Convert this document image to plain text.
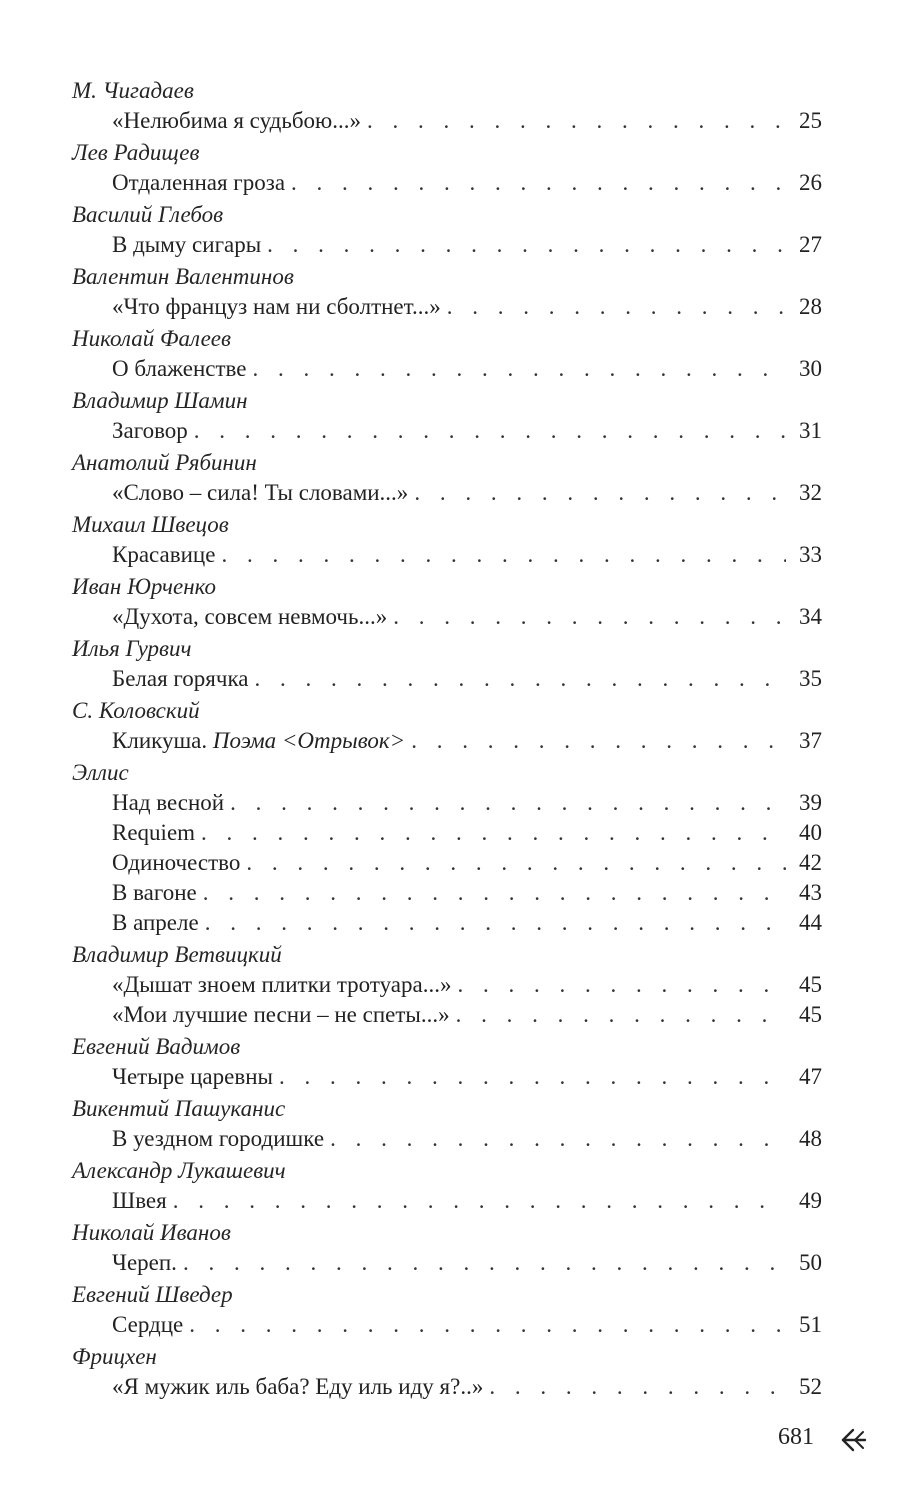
М. Чигадаев
«Нелюбима я судьбою...» . . .	25
Лев Радищев
Отдаленная гроза . . .	26
Василий Глебов
В дыму сигары . . .	27
Валентин Валентинов
«Что француз нам ни сболтнет...» . . .	28
Николай Фалеев
О блаженстве . . .	30
Владимир Шамин
Заговор . . .	31
Анатолий Рябинин
«Слово – сила! Ты словами...» . . .	32
Михаил Швецов
Красавице . . .	33
Иван Юрченко
«Духота, совсем невмочь...» . . .	34
Илья Гурвич
Белая горячка . . .	35
С. Коловский
Кликуша. Поэма <Отрывок> . . .	37
Эллис
Над весной . . .	39
Requiem . . .	40
Одиночество . . .	42
В вагоне . . .	43
В апреле . . .	44
Владимир Ветвицкий
«Дышат зноем плитки тротуара...» . . .	45
«Мои лучшие песни – не спеты...» . . .	45
Евгений Вадимов
Четыре царевны . . .	47
Викентий Пашуканис
В уездном городишке . . .	48
Александр Лукашевич
Швея . . .	49
Николай Иванов
Череп. . . .	50
Евгений Шведер
Сердце . . .	51
Фрицхен
«Я мужик иль баба? Еду иль иду я?..» . . .	52
681
